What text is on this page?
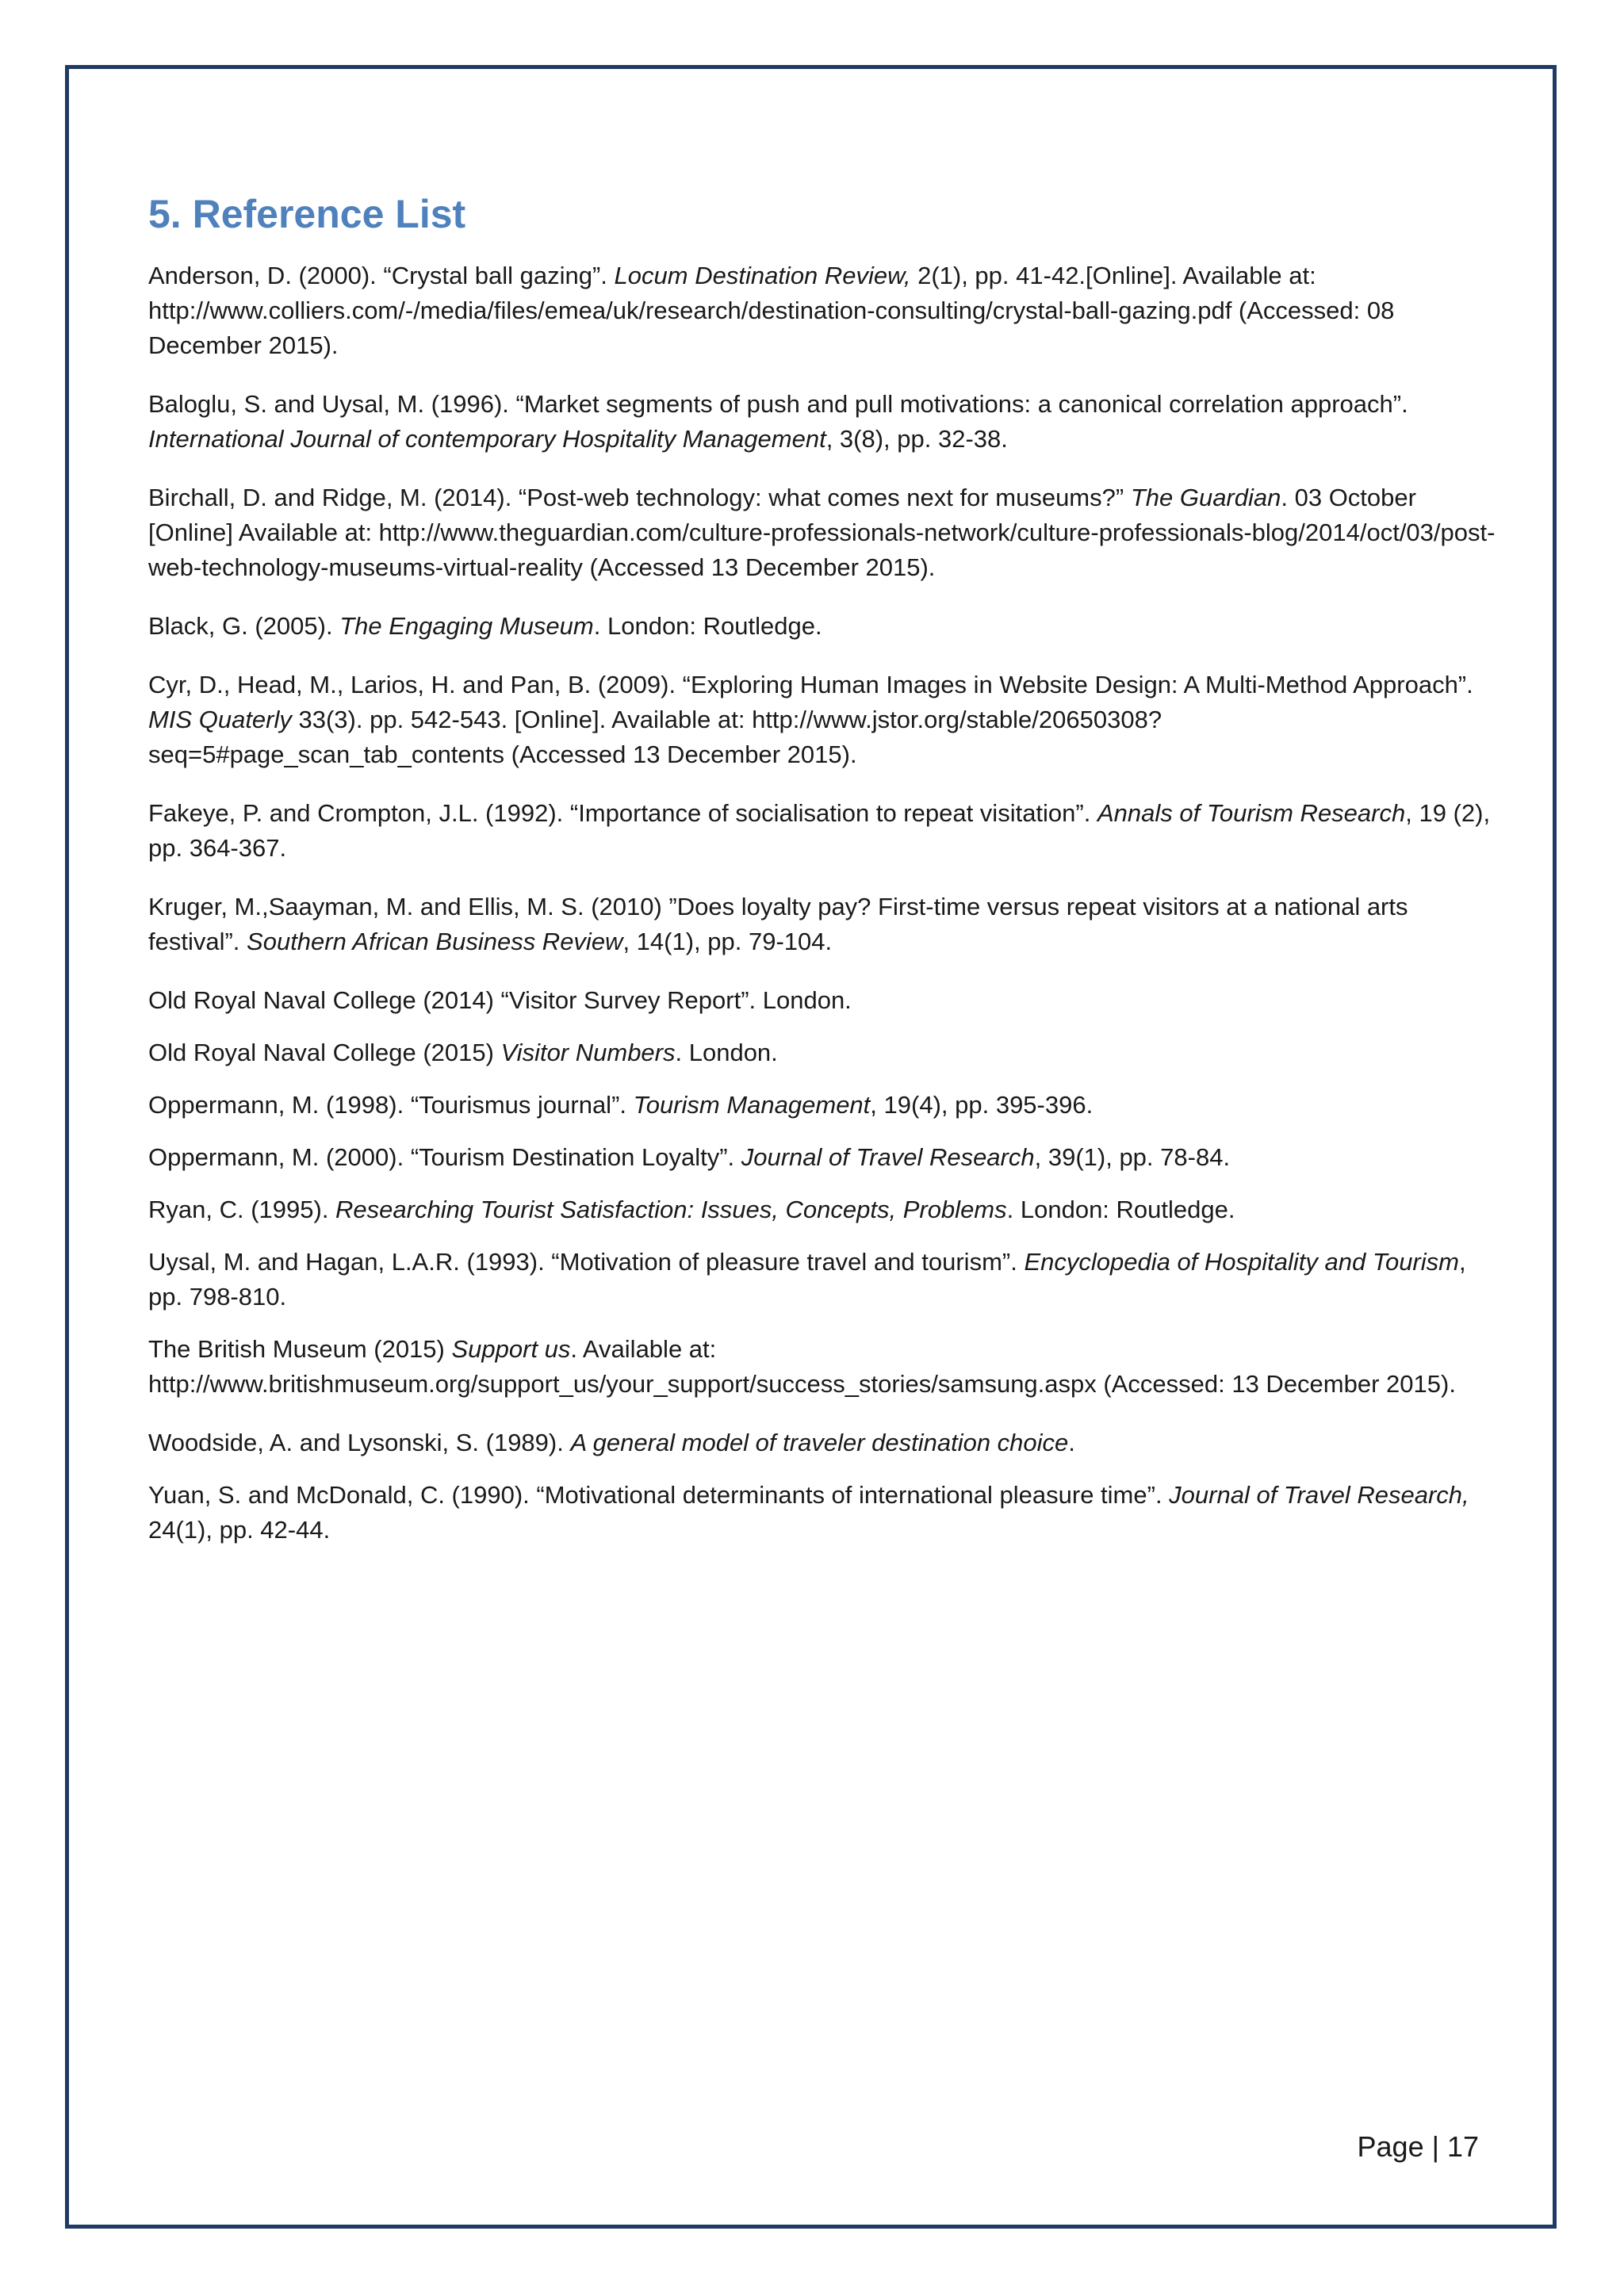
5. Reference List
Anderson, D. (2000). “Crystal ball gazing”. Locum Destination Review, 2(1), pp. 41-42.[Online]. Available at: http://www.colliers.com/-/media/files/emea/uk/research/destination-consulting/crystal-ball-gazing.pdf (Accessed: 08 December 2015).
Baloglu, S. and Uysal, M. (1996). “Market segments of push and pull motivations: a canonical correlation approach”. International Journal of contemporary Hospitality Management, 3(8), pp. 32-38.
Birchall, D. and Ridge, M. (2014). “Post-web technology: what comes next for museums?” The Guardian. 03 October [Online] Available at: http://www.theguardian.com/culture-professionals-network/culture-professionals-blog/2014/oct/03/post-web-technology-museums-virtual-reality (Accessed 13 December 2015).
Black, G. (2005). The Engaging Museum. London: Routledge.
Cyr, D., Head, M., Larios, H. and Pan, B. (2009). “Exploring Human Images in Website Design: A Multi-Method Approach”. MIS Quaterly 33(3). pp. 542-543. [Online]. Available at: http://www.jstor.org/stable/20650308?seq=5#page_scan_tab_contents (Accessed 13 December 2015).
Fakeye, P. and Crompton, J.L. (1992). “Importance of socialisation to repeat visitation”. Annals of Tourism Research, 19 (2), pp. 364-367.
Kruger, M.,Saayman, M. and Ellis, M. S. (2010) ”Does loyalty pay? First-time versus repeat visitors at a national arts festival”. Southern African Business Review, 14(1), pp. 79-104.
Old Royal Naval College (2014) “Visitor Survey Report”. London.
Old Royal Naval College (2015) Visitor Numbers. London.
Oppermann, M. (1998). “Tourismus journal”. Tourism Management, 19(4), pp. 395-396.
Oppermann, M. (2000). “Tourism Destination Loyalty”. Journal of Travel Research, 39(1), pp. 78-84.
Ryan, C. (1995). Researching Tourist Satisfaction: Issues, Concepts, Problems. London: Routledge.
Uysal, M. and Hagan, L.A.R. (1993). “Motivation of pleasure travel and tourism”. Encyclopedia of Hospitality and Tourism, pp. 798-810.
The British Museum (2015) Support us. Available at: http://www.britishmuseum.org/support_us/your_support/success_stories/samsung.aspx (Accessed: 13 December 2015).
Woodside, A. and Lysonski, S. (1989). A general model of traveler destination choice.
Yuan, S. and McDonald, C. (1990). “Motivational determinants of international pleasure time”. Journal of Travel Research, 24(1), pp. 42-44.
Page | 17
